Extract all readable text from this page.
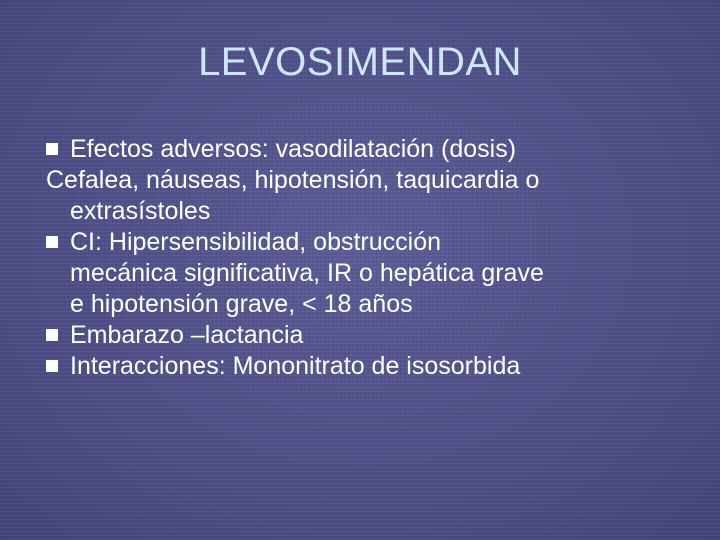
LEVOSIMENDAN
Efectos adversos: vasodilatación (dosis)
Cefalea, náuseas, hipotensión, taquicardia o
extrasístoles
CI: Hipersensibilidad, obstrucción
mecánica significativa, IR o hepática grave
e hipotensión grave, < 18 años
Embarazo –lactancia
Interacciones: Mononitrato de isosorbida
